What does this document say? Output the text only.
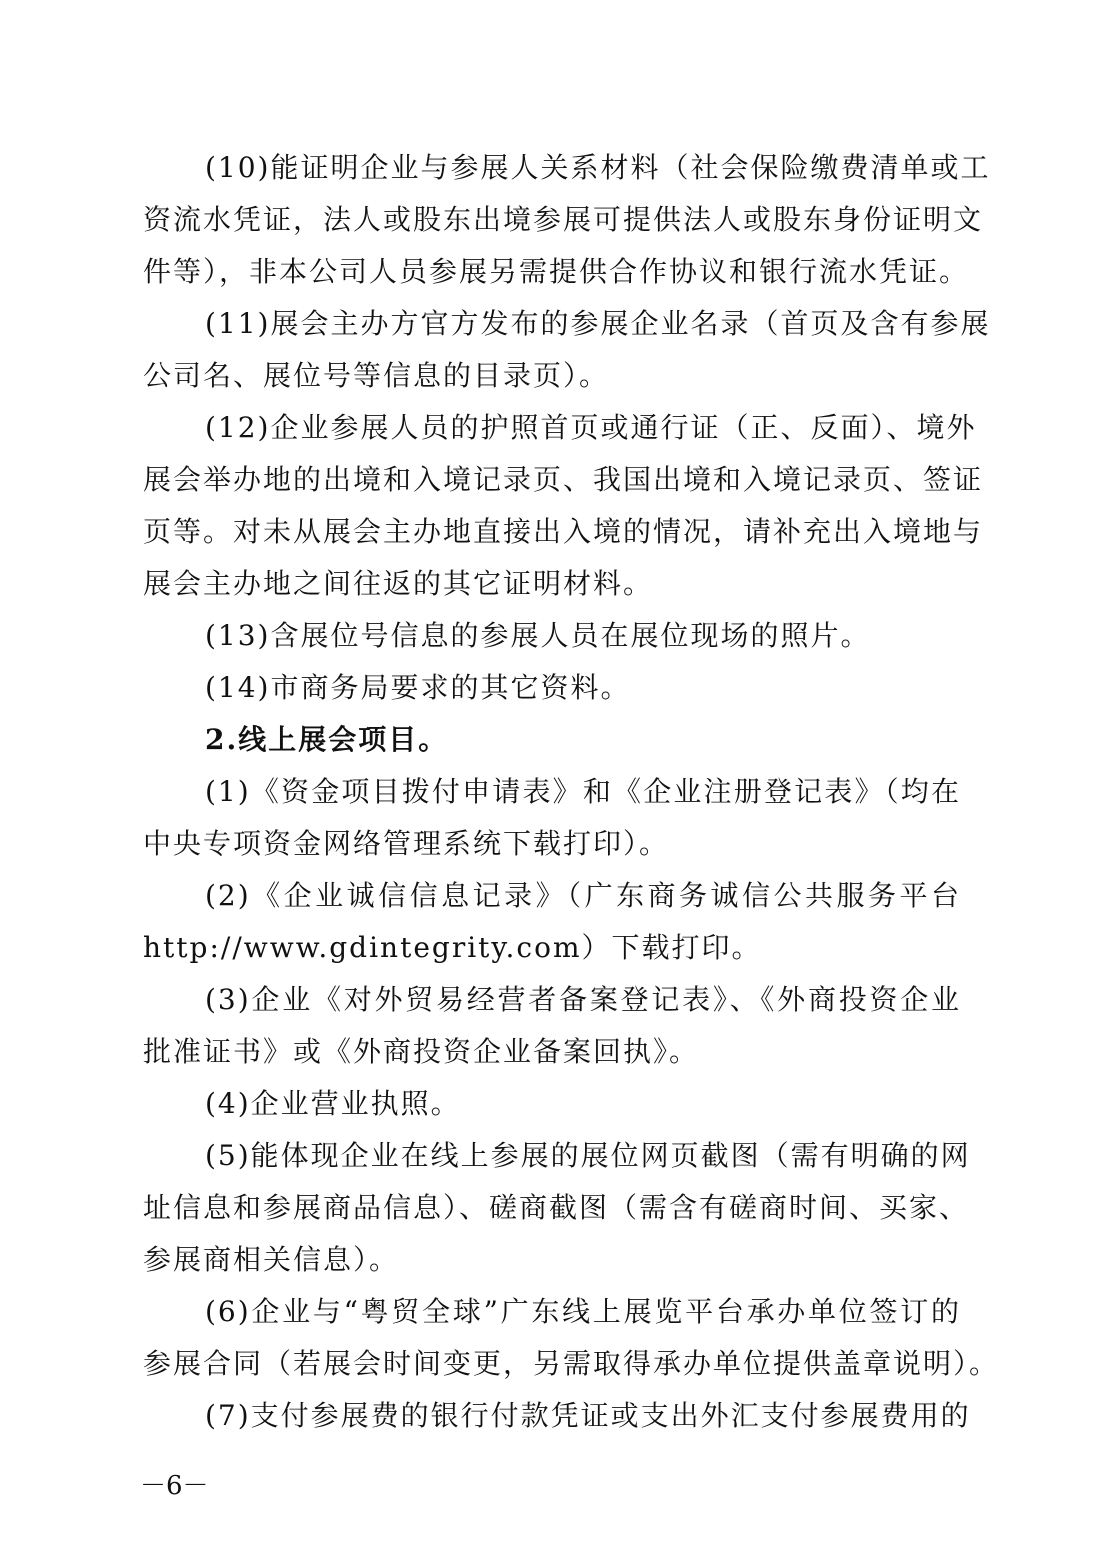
(10)能证明企业与参展人关系材料（社会保险缴费清单或工
资流水凭证，法人或股东出境参展可提供法人或股东身份证明文
件等），非本公司人员参展另需提供合作协议和银行流水凭证。
(11)展会主办方官方发布的参展企业名录（首页及含有参展
公司名、展位号等信息的目录页）。
(12)企业参展人员的护照首页或通行证（正、反面）、境外
展会举办地的出境和入境记录页、我国出境和入境记录页、签证
页等。对未从展会主办地直接出入境的情况，请补充出入境地与
展会主办地之间往返的其它证明材料。
(13)含展位号信息的参展人员在展位现场的照片。
(14)市商务局要求的其它资料。
2.线上展会项目。
(1)《资金项目拨付申请表》和《企业注册登记表》（均在
中央专项资金网络管理系统下载打印）。
(2)《企业诚信信息记录》（广东商务诚信公共服务平台
http://www.gdintegrity.com）下载打印。
(3)企业《对外贸易经营者备案登记表》、《外商投资企业
批准证书》或《外商投资企业备案回执》。
(4)企业营业执照。
(5)能体现企业在线上参展的展位网页截图（需有明确的网
址信息和参展商品信息）、磋商截图（需含有磋商时间、买家、
参展商相关信息）。
(6)企业与“粤贸全球”广东线上展览平台承办单位签订的
参展合同（若展会时间变更，另需取得承办单位提供盖章说明）。
(7)支付参展费的银行付款凭证或支出外汇支付参展费用的
－6－
